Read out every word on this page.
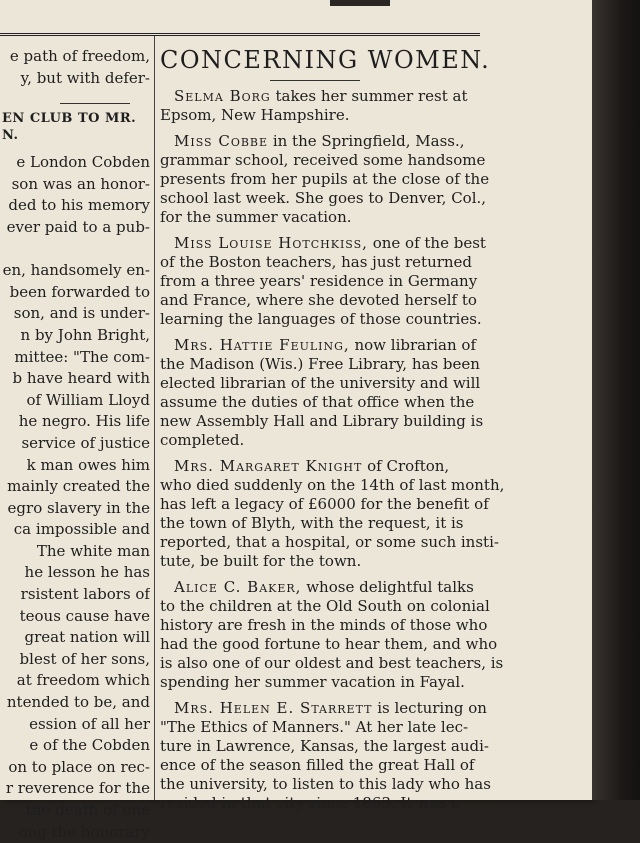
e path of freedom,
y, but with defer-
EN CLUB TO MR.
N.
e London Cobden
son was an honor-
ded to his memory
ever paid to a pub-

en, handsomely en-
been forwarded to
son, and is under-
n by John Bright,
mittee: "The com-
b have heard with
of William Lloyd
he negro. His life
service of justice
k man owes him
mainly created the
egro slavery in the
ca impossible and
The white man
he lesson he has
rsistent labors of
teous cause have
great nation will
blest of her sons,
at freedom which
ntended to be, and
ession of all her
e of the Cobden
on to place on rec-
r reverence for the
the death of one
ong the honorary
CONCERNING WOMEN.
Selma Borg takes her summer rest at
Epsom, New Hampshire.
Miss Cobbe in the Springfield, Mass.,
grammar school, received some handsome
presents from her pupils at the close of the
school last week. She goes to Denver, Col.,
for the summer vacation.
Miss Louise Hotchkiss, one of the best
of the Boston teachers, has just returned
from a three years' residence in Germany
and France, where she devoted herself to
learning the languages of those countries.
Mrs. Hattie Feuling, now librarian of
the Madison (Wis.) Free Library, has been
elected librarian of the university and will
assume the duties of that office when the
new Assembly Hall and Library building is
completed.
Mrs. Margaret Knight of Crofton,
who died suddenly on the 14th of last month,
has left a legacy of £6000 for the benefit of
the town of Blyth, with the request, it is
reported, that a hospital, or some such insti-
tute, be built for the town.
Alice C. Baker, whose delightful talks
to the children at the Old South on colonial
history are fresh in the minds of those who
had the good fortune to hear them, and who
is also one of our oldest and best teachers, is
spending her summer vacation in Fayal.
Mrs. Helen E. Starrett is lecturing on
"The Ethics of Manners." At her late lec-
ture in Lawrence, Kansas, the largest audi-
ence of the season filled the great Hall of
the university, to listen to this lady who has
resided in that city since 1863. It was a
